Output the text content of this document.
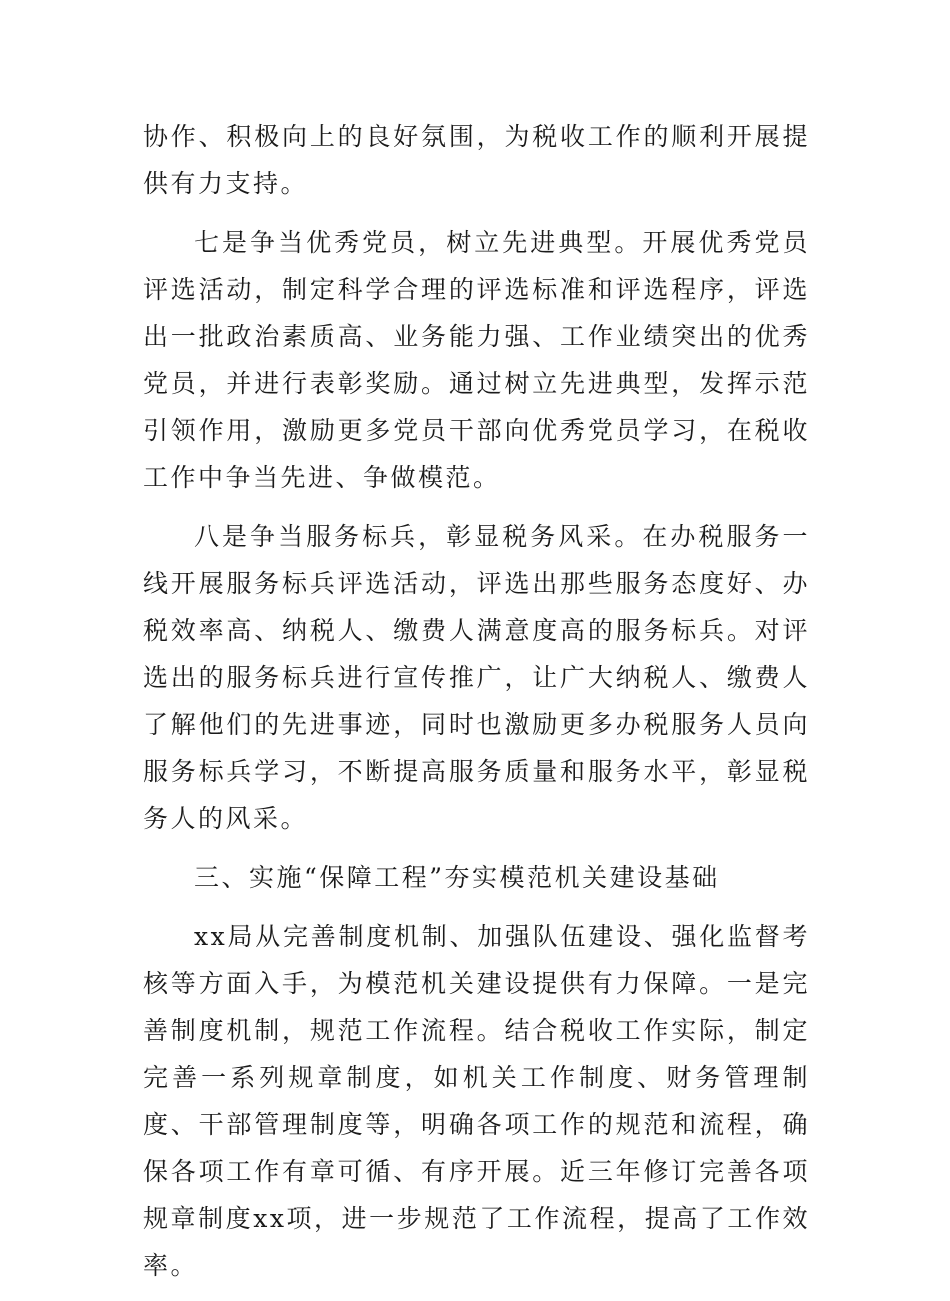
协作、积极向上的良好氛围，为税收工作的顺利开展提供有力支持。

七是争当优秀党员，树立先进典型。开展优秀党员评选活动，制定科学合理的评选标准和评选程序，评选出一批政治素质高、业务能力强、工作业绩突出的优秀党员，并进行表彰奖励。通过树立先进典型，发挥示范引领作用，激励更多党员干部向优秀党员学习，在税收工作中争当先进、争做模范。

八是争当服务标兵，彰显税务风采。在办税服务一线开展服务标兵评选活动，评选出那些服务态度好、办税效率高、纳税人、缴费人满意度高的服务标兵。对评选出的服务标兵进行宣传推广，让广大纳税人、缴费人了解他们的先进事迹，同时也激励更多办税服务人员向服务标兵学习，不断提高服务质量和服务水平，彰显税务人的风采。

三、实施“保障工程”夯实模范机关建设基础

xx局从完善制度机制、加强队伍建设、强化监督考核等方面入手，为模范机关建设提供有力保障。一是完善制度机制，规范工作流程。结合税收工作实际，制定完善一系列规章制度，如机关工作制度、财务管理制度、干部管理制度等，明确各项工作的规范和流程，确保各项工作有章可循、有序开展。近三年修订完善各项规章制度xx项，进一步规范了工作流程，提高了工作效率。
